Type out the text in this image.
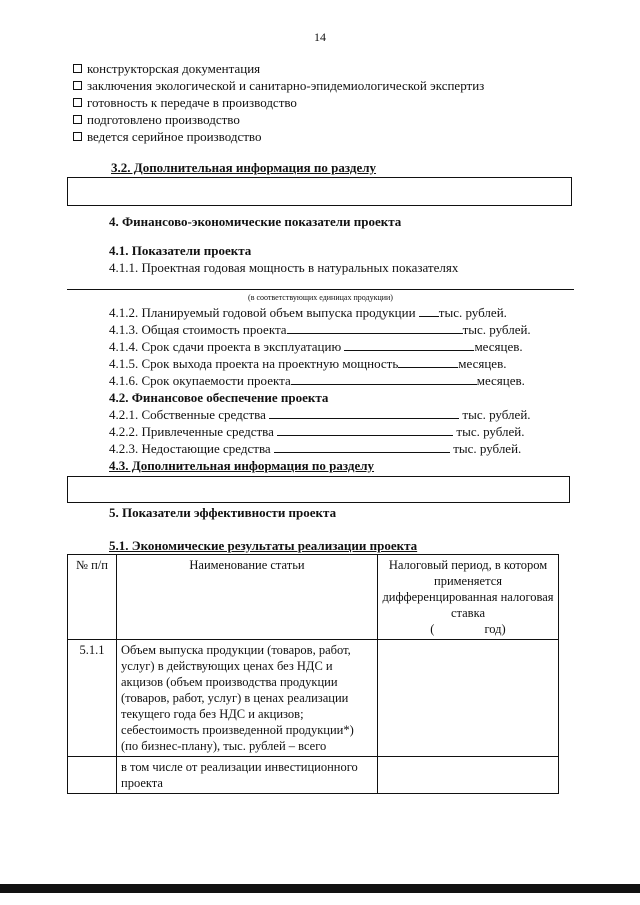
14
конструкторская документация
заключения экологической и санитарно-эпидемиологической экспертиз
готовность к передаче в производство
подготовлено производство
ведется серийное производство
3.2. Дополнительная информация по разделу
4. Финансово-экономические показатели проекта
4.1. Показатели проекта
4.1.1. Проектная годовая мощность в натуральных показателях
(в соответствующих единицах продукции)
4.1.2. Планируемый годовой объем выпуска продукции тыс. рублей.
4.1.3. Общая стоимость проекта	тыс. рублей.
4.1.4. Срок сдачи проекта в эксплуатацию	месяцев.
4.1.5. Срок выхода проекта на проектную мощность	месяцев.
4.1.6. Срок окупаемости проекта	месяцев.
4.2. Финансовое обеспечение проекта
4.2.1. Собственные средства	тыс. рублей.
4.2.2. Привлеченные средства	тыс. рублей.
4.2.3. Недостающие средства	тыс. рублей.
4.3. Дополнительная информация по разделу
5. Показатели эффективности проекта
5.1. Экономические результаты реализации проекта
№ п/п	Наименование статьи	Налоговый период, в котором применяется дифференцированная налоговая ставка
(                год)

5.1.1	Объем выпуска продукции (товаров, работ, услуг) в действующих ценах без НДС и акцизов (объем производства продукции (товаров, работ, услуг) в ценах реализации текущего года без НДС и акцизов; себестоимость произведенной продукции*) (по бизнес-плану), тыс. рублей – всего	
	в том числе от реализации инвестиционного проекта	
